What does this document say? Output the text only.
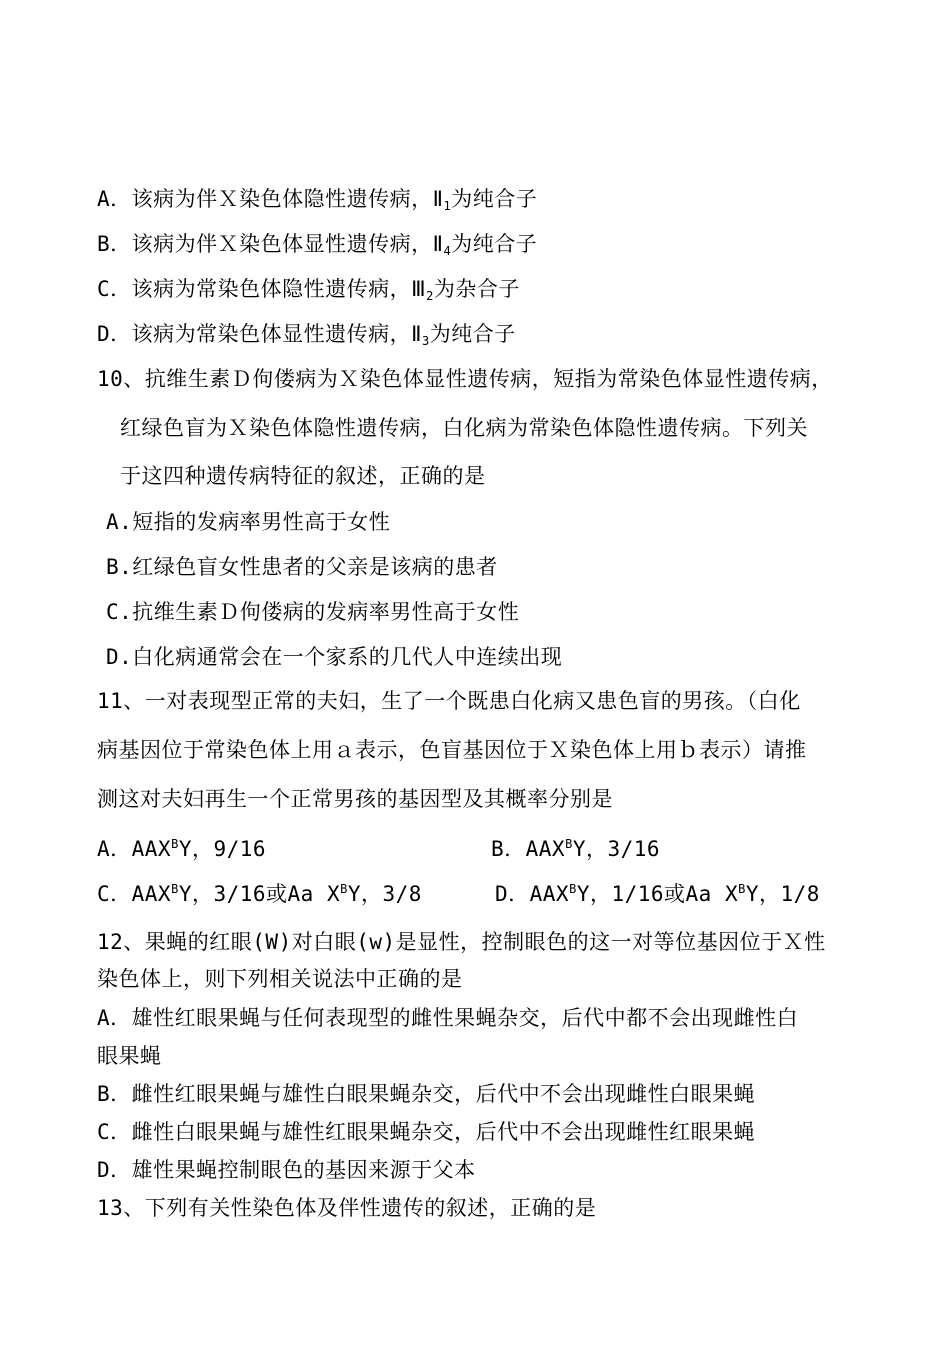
A．该病为伴Ｘ染色体隐性遗传病，$Ⅱ_1$为纯合子
B．该病为伴Ｘ染色体显性遗传病，$Ⅱ_4$为纯合子
C．该病为常染色体隐性遗传病，$Ⅲ_2$为杂合子
D．该病为常染色体显性遗传病，$Ⅱ_3$为纯合子
10、抗维生素Ｄ佝偻病为Ｘ染色体显性遗传病，短指为常染色体显性遗传病，
红绿色盲为Ｘ染色体隐性遗传病，白化病为常染色体隐性遗传病。下列关
于这四种遗传病特征的叙述，正确的是
A.短指的发病率男性高于女性
B.红绿色盲女性患者的父亲是该病的患者
C.抗维生素Ｄ佝偻病的发病率男性高于女性
D.白化病通常会在一个家系的几代人中连续出现
11、一对表现型正常的夫妇，生了一个既患白化病又患色盲的男孩。（白化
病基因位于常染色体上用ａ表示，色盲基因位于Ｘ染色体上用ｂ表示）请推
测这对夫妇再生一个正常男孩的基因型及其概率分别是
A．$AAX^BY$，9/16	B．$AAX^BY$，3/16
C．$AAX^BY$，3/16或Aa $X^BY$，3/8	D．$AAX^BY$，1/16或Aa $X^BY$，1/8
12、果蝇的红眼(W)对白眼(w)是显性，控制眼色的这一对等位基因位于Ｘ性
染色体上，则下列相关说法中正确的是
A．雄性红眼果蝇与任何表现型的雌性果蝇杂交，后代中都不会出现雌性白
眼果蝇
B．雌性红眼果蝇与雄性白眼果蝇杂交，后代中不会出现雌性白眼果蝇
C．雌性白眼果蝇与雄性红眼果蝇杂交，后代中不会出现雌性红眼果蝇
D．雄性果蝇控制眼色的基因来源于父本
13、下列有关性染色体及伴性遗传的叙述，正确的是
